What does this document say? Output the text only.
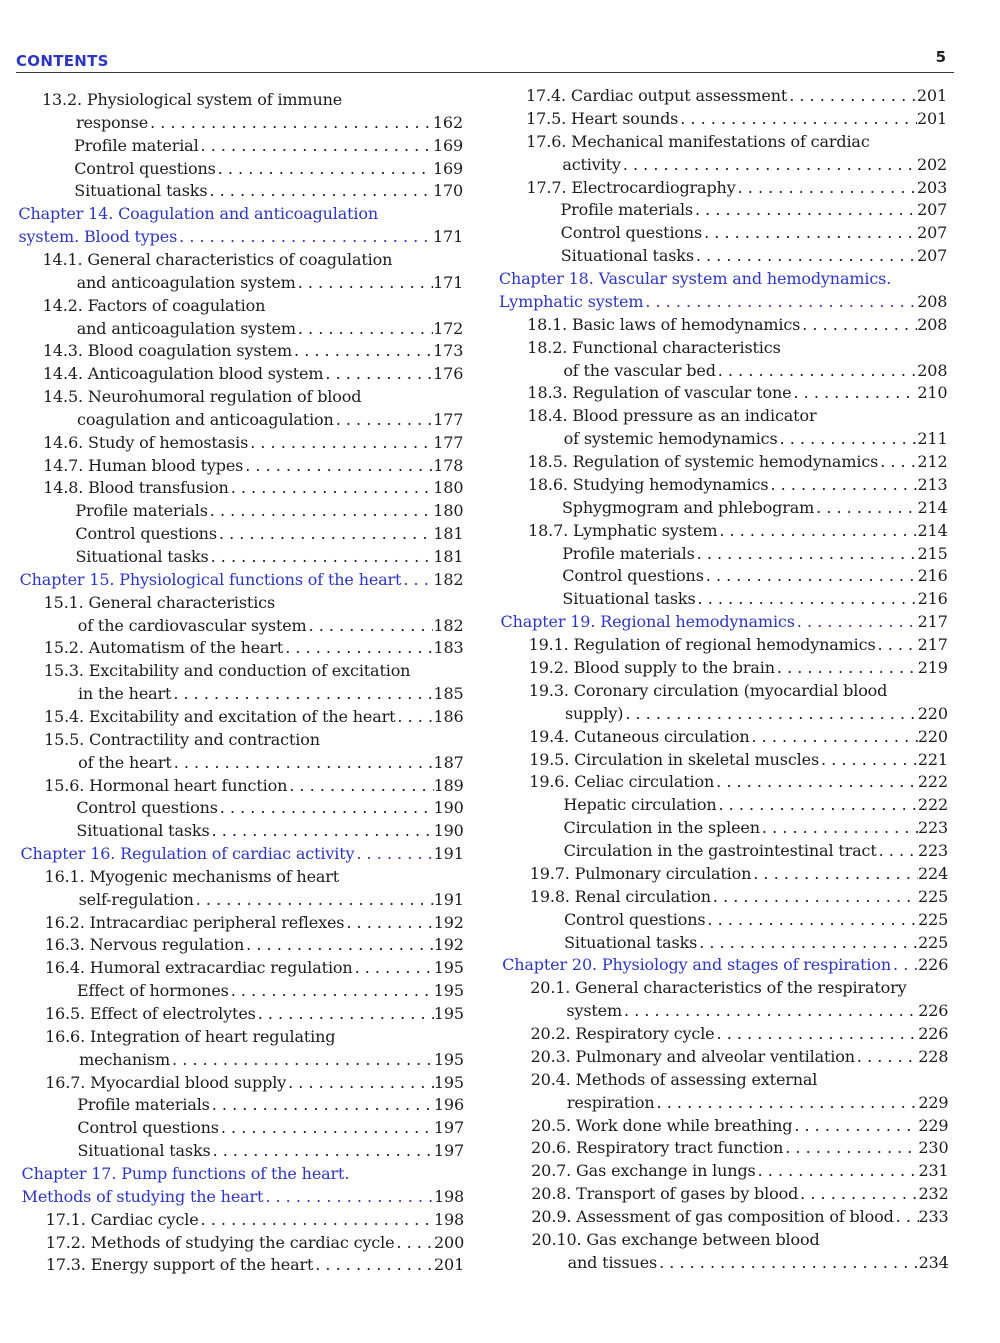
CONTENTS	5
13.2. Physiological system of immune
response . . .	162
Profile material . . .	169
Control questions . . .	169
Situational tasks . . .	170
Chapter 14. Coagulation and anticoagulation
system. Blood types . . .	171
14.1. General characteristics of coagulation
and anticoagulation system . . .	171
14.2. Factors of coagulation
and anticoagulation system . . .	172
14.3. Blood coagulation system . . .	173
14.4. Anticoagulation blood system . . .	176
14.5. Neurohumoral regulation of blood
coagulation and anticoagulation . . .	177
14.6. Study of hemostasis . . .	177
14.7. Human blood types . . .	178
14.8. Blood transfusion . . .	180
Profile materials . . .	180
Control questions . . .	181
Situational tasks . . .	181
Chapter 15. Physiological functions of the heart . . . 182
15.1. General characteristics
of the cardiovascular system . . .	182
15.2. Automatism of the heart . . .	183
15.3. Excitability and conduction of excitation
in the heart . . .	185
15.4. Excitability and excitation of the heart . . . 186
15.5. Contractility and contraction
of the heart . . .	187
15.6. Hormonal heart function . . .	189
Control questions . . .	190
Situational tasks . . .	190
Chapter 16. Regulation of cardiac activity . . .	191
16.1. Myogenic mechanisms of heart
self-regulation . . .	191
16.2. Intracardiac peripheral reflexes . . .	192
16.3. Nervous regulation . . .	192
16.4. Humoral extracardiac regulation . . .	195
Effect of hormones . . .	195
16.5. Effect of electrolytes . . .	195
16.6. Integration of heart regulating
mechanism . . .	195
16.7. Myocardial blood supply . . .	195
Profile materials . . .	196
Control questions . . .	197
Situational tasks . . .	197
Chapter 17. Pump functions of the heart.
Methods of studying the heart . . .	198
17.1. Cardiac cycle . . .	198
17.2. Methods of studying the cardiac cycle . . . 200
17.3. Energy support of the heart . . .	201
17.4. Cardiac output assessment . . .	201
17.5. Heart sounds . . .	201
17.6. Mechanical manifestations of cardiac
activity . . .	202
17.7. Electrocardiography . . .	203
Profile materials . . .	207
Control questions . . .	207
Situational tasks . . .	207
Chapter 18. Vascular system and hemodynamics.
Lymphatic system . . .	208
18.1. Basic laws of hemodynamics . . .	208
18.2. Functional characteristics
of the vascular bed . . .	208
18.3. Regulation of vascular tone . . .	210
18.4. Blood pressure as an indicator
of systemic hemodynamics . . .	211
18.5. Regulation of systemic hemodynamics . . . 212
18.6. Studying hemodynamics . . .	213
Sphygmogram and phlebogram . . .	214
18.7. Lymphatic system . . .	214
Profile materials . . .	215
Control questions . . .	216
Situational tasks . . .	216
Chapter 19. Regional hemodynamics . . .	217
19.1. Regulation of regional hemodynamics . . .	217
19.2. Blood supply to the brain . . .	219
19.3. Coronary circulation (myocardial blood
supply) . . .	220
19.4. Cutaneous circulation . . .	220
19.5. Circulation in skeletal muscles . . .	221
19.6. Celiac circulation . . .	222
Hepatic circulation . . .	222
Circulation in the spleen . . .	223
Circulation in the gastrointestinal tract . . .	223
19.7. Pulmonary circulation . . .	224
19.8. Renal circulation . . .	225
Control questions . . .	225
Situational tasks . . .	225
Chapter 20. Physiology and stages of respiration . . . 226
20.1. General characteristics of the respiratory
system . . .	226
20.2. Respiratory cycle . . .	226
20.3. Pulmonary and alveolar ventilation . . .	228
20.4. Methods of assessing external
respiration . . .	229
20.5. Work done while breathing . . .	229
20.6. Respiratory tract function . . .	230
20.7. Gas exchange in lungs . . .	231
20.8. Transport of gases by blood . . .	232
20.9. Assessment of gas composition of blood . . . 233
20.10. Gas exchange between blood
and tissues . . .	234
